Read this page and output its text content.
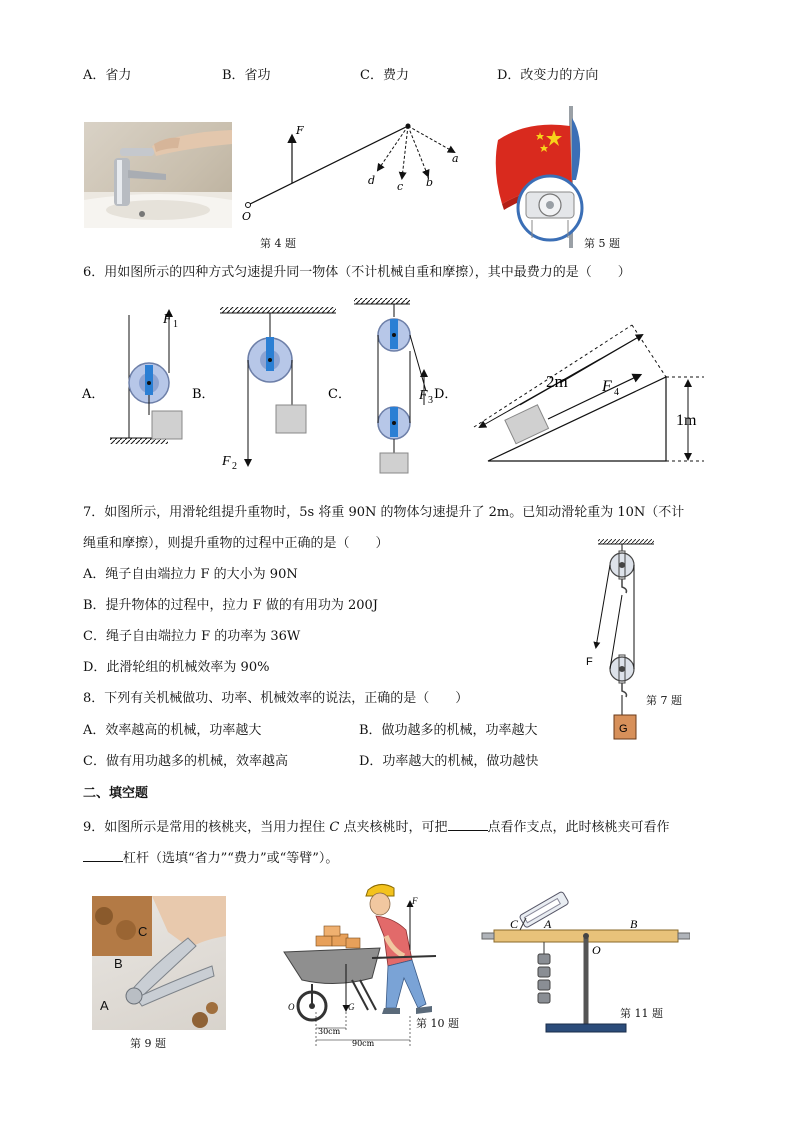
A．省力	B．省功	C．费力	D．改变力的方向
F
O
a
b
c
d
第 4 题	第 5 题
6．用如图所示的四种方式匀速提升同一物体（不计机械自重和摩擦），其中最费力的是（　　）
A．
F 1
B．
F 2
C．	F 3 D．
1m
2m F 4
7．如图所示，用滑轮组提升重物时，5s 将重 90N 的物体匀速提升了 2m。已知动滑轮重为 10N（不计
绳重和摩擦），则提升重物的过程中正确的是（　　）
A．绳子自由端拉力 F 的大小为 90N
B．提升物体的过程中，拉力 F 做的有用功为 200J
C．绳子自由端拉力 F 的功率为 36W
D．此滑轮组的机械效率为 90%
G
F
第 7 题
8．下列有关机械做功、功率、机械效率的说法，正确的是（　　）
A．效率越高的机械，功率越大	B．做功越多的机械，功率越大
C．做有用功越多的机械，效率越高	D．功率越大的机械，做功越快
二、填空题
9．如图所示是常用的核桃夹，当用力捏住 C 点夹核桃时，可把	点看作支点，此时核桃夹可看作
杠杆（选填“省力”“费力”或“等臂”）。
A
B
C
第 9 题
F
G
O
30cm
90cm
第 10 题
C A	B
O
第 11 题
